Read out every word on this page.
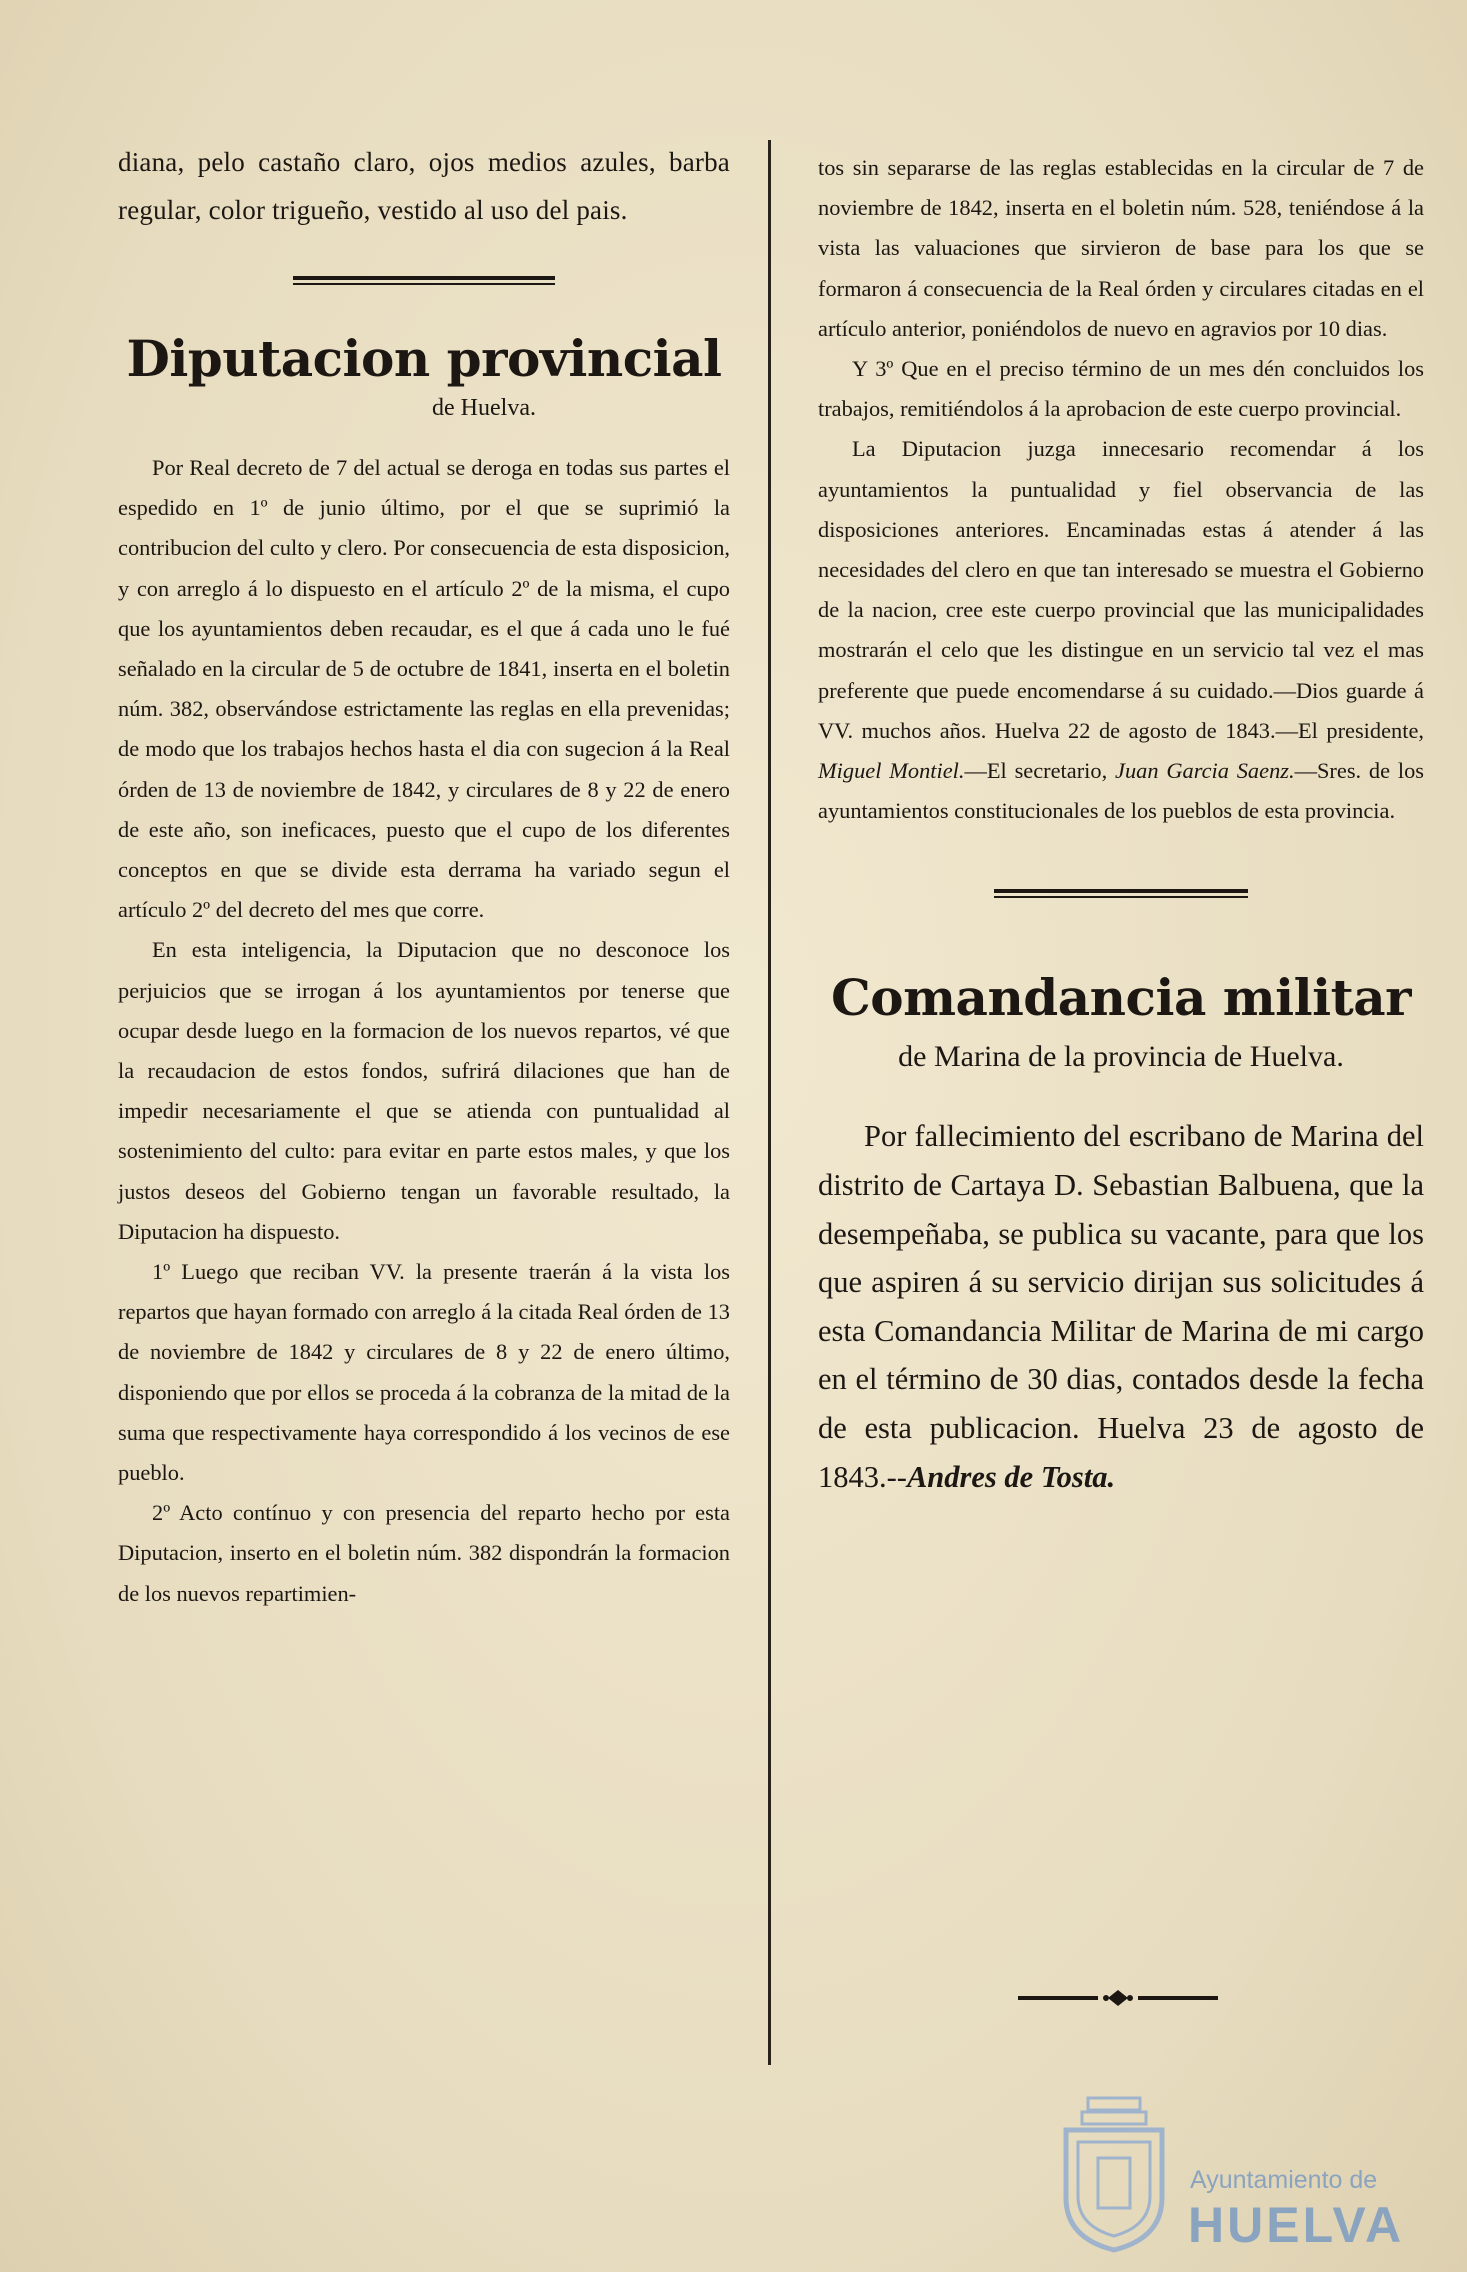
diana, pelo castaño claro, ojos medios azules, barba regular, color trigueño, vestido al uso del pais.

Diputacion provincial
de Huelva.

Por Real decreto de 7 del actual se deroga en todas sus partes el espedido en 1º de junio último, por el que se suprimió la contribucion del culto y clero. Por consecuencia de esta disposicion, y con arreglo á lo dispuesto en el artículo 2º de la misma, el cupo que los ayuntamientos deben recaudar, es el que á cada uno le fué señalado en la circular de 5 de octubre de 1841, inserta en el boletin núm. 382, observándose estrictamente las reglas en ella prevenidas; de modo que los trabajos hechos hasta el dia con sugecion á la Real órden de 13 de noviembre de 1842, y circulares de 8 y 22 de enero de este año, son ineficaces, puesto que el cupo de los diferentes conceptos en que se divide esta derrama ha variado segun el artículo 2º del decreto del mes que corre.

En esta inteligencia, la Diputacion que no desconoce los perjuicios que se irrogan á los ayuntamientos por tenerse que ocupar desde luego en la formacion de los nuevos repartos, vé que la recaudacion de estos fondos, sufrirá dilaciones que han de impedir necesariamente el que se atienda con puntualidad al sostenimiento del culto: para evitar en parte estos males, y que los justos deseos del Gobierno tengan un favorable resultado, la Diputacion ha dispuesto.

1º Luego que reciban VV. la presente traerán á la vista los repartos que hayan formado con arreglo á la citada Real órden de 13 de noviembre de 1842 y circulares de 8 y 22 de enero último, disponiendo que por ellos se proceda á la cobranza de la mitad de la suma que respectivamente haya correspondido á los vecinos de ese pueblo.

2º Acto contínuo y con presencia del reparto hecho por esta Diputacion, inserto en el boletin núm. 382 dispondrán la formacion de los nuevos repartimien-

tos sin separarse de las reglas establecidas en la circular de 7 de noviembre de 1842, inserta en el boletin núm. 528, teniéndose á la vista las valuaciones que sirvieron de base para los que se formaron á consecuencia de la Real órden y circulares citadas en el artículo anterior, poniéndolos de nuevo en agravios por 10 dias.

Y 3º Que en el preciso término de un mes dén concluidos los trabajos, remitiéndolos á la aprobacion de este cuerpo provincial.

La Diputacion juzga innecesario recomendar á los ayuntamientos la puntualidad y fiel observancia de las disposiciones anteriores. Encaminadas estas á atender á las necesidades del clero en que tan interesado se muestra el Gobierno de la nacion, cree este cuerpo provincial que las municipalidades mostrarán el celo que les distingue en un servicio tal vez el mas preferente que puede encomendarse á su cuidado.—Dios guarde á VV. muchos años. Huelva 22 de agosto de 1843.—El presidente, Miguel Montiel.—El secretario, Juan Garcia Saenz.—Sres. de los ayuntamientos constitucionales de los pueblos de esta provincia.

Comandancia militar
de Marina de la provincia de Huelva.

Por fallecimiento del escribano de Marina del distrito de Cartaya D. Sebastian Balbuena, que la desempeñaba, se publica su vacante, para que los que aspiren á su servicio dirijan sus solicitudes á esta Comandancia Militar de Marina de mi cargo en el término de 30 dias, contados desde la fecha de esta publicacion. Huelva 23 de agosto de 1843.--Andres de Tosta.

Ayuntamiento de
HUELVA
